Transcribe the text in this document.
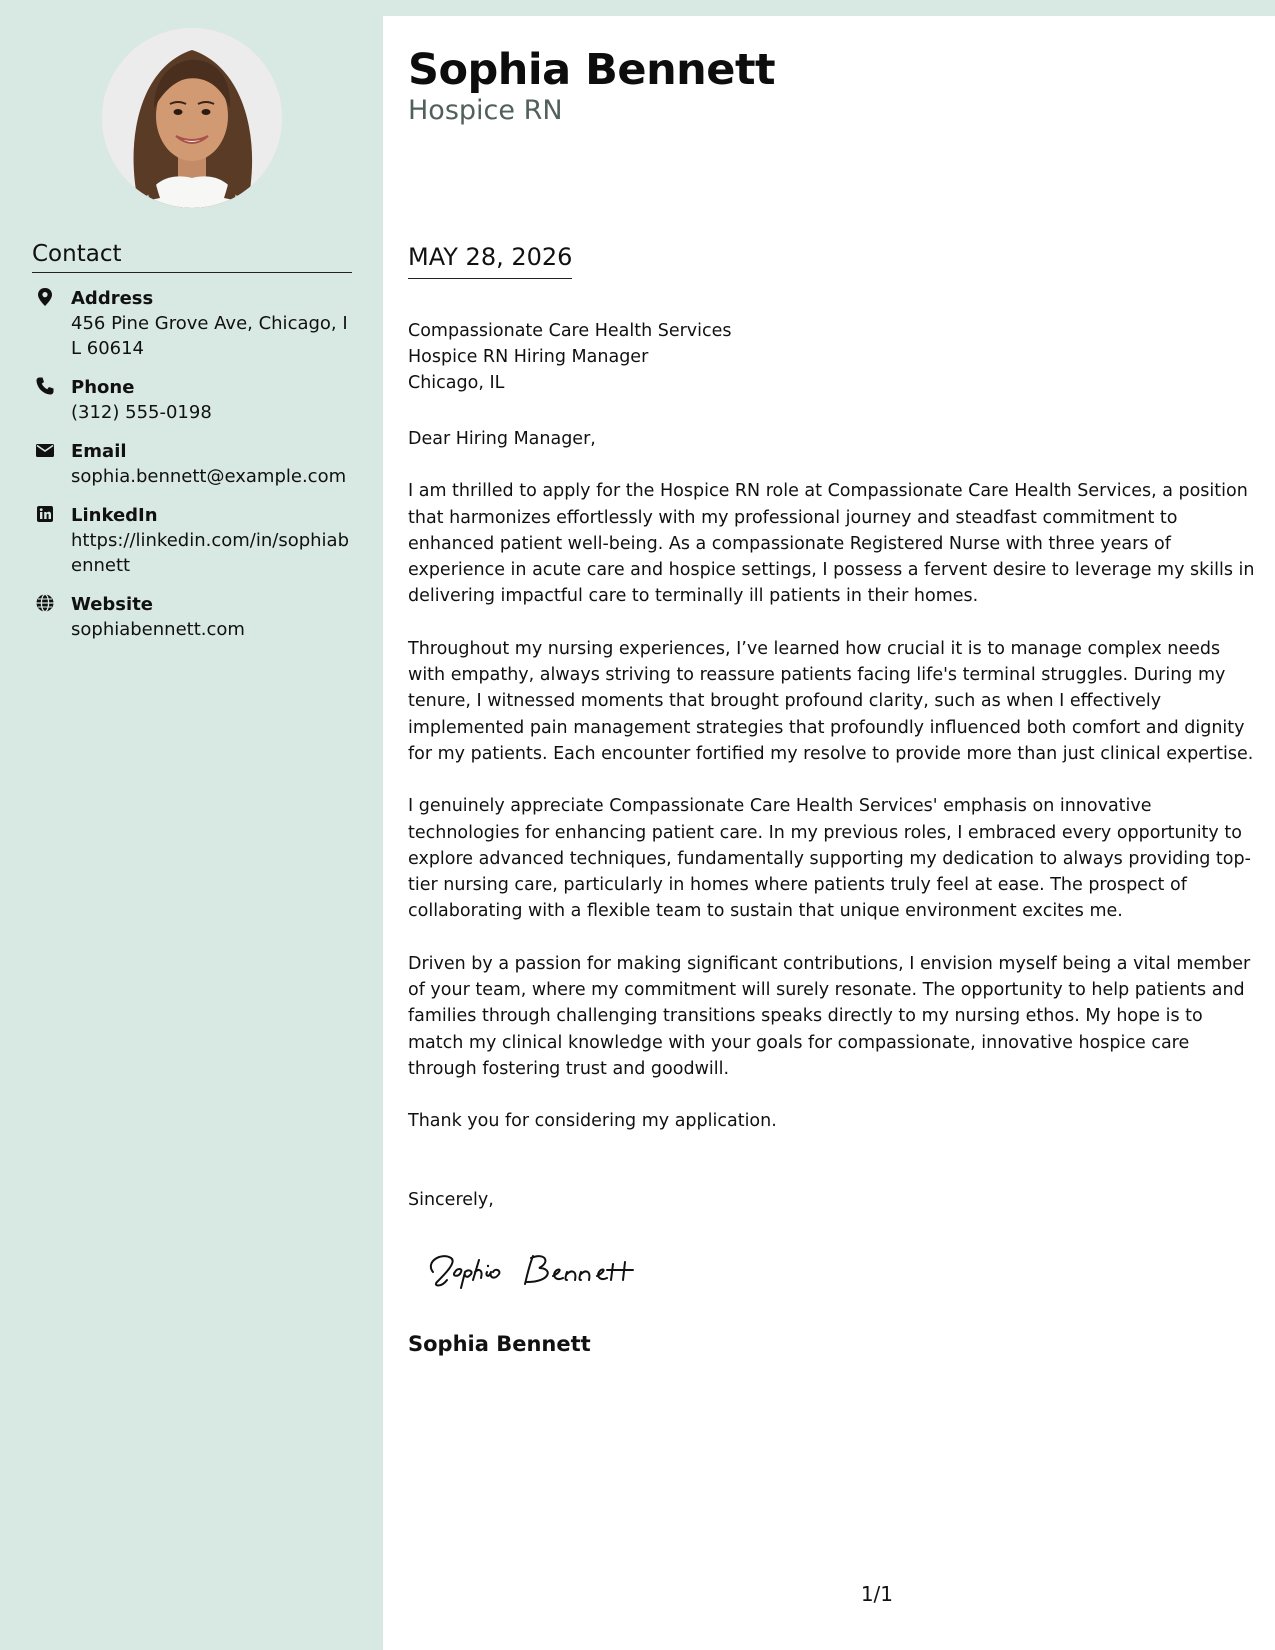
Contact
Address
456 Pine Grove Ave, Chicago, IL 60614
Phone
(312) 555-0198
Email
sophia.bennett@example.com
LinkedIn
https://linkedin.com/in/sophiabennett
Website
sophiabennett.com
Sophia Bennett
Hospice RN
MAY 28, 2026
Compassionate Care Health Services
Hospice RN Hiring Manager
Chicago, IL

Dear Hiring Manager,

I am thrilled to apply for the Hospice RN role at Compassionate Care Health Services, a position that harmonizes effortlessly with my professional journey and steadfast commitment to enhanced patient well-being. As a compassionate Registered Nurse with three years of experience in acute care and hospice settings, I possess a fervent desire to leverage my skills in delivering impactful care to terminally ill patients in their homes.

Throughout my nursing experiences, I’ve learned how crucial it is to manage complex needs with empathy, always striving to reassure patients facing life's terminal struggles. During my tenure, I witnessed moments that brought profound clarity, such as when I effectively implemented pain management strategies that profoundly influenced both comfort and dignity for my patients. Each encounter fortified my resolve to provide more than just clinical expertise.

I genuinely appreciate Compassionate Care Health Services' emphasis on innovative technologies for enhancing patient care. In my previous roles, I embraced every opportunity to explore advanced techniques, fundamentally supporting my dedication to always providing top-tier nursing care, particularly in homes where patients truly feel at ease. The prospect of collaborating with a flexible team to sustain that unique environment excites me.

Driven by a passion for making significant contributions, I envision myself being a vital member of your team, where my commitment will surely resonate. The opportunity to help patients and families through challenging transitions speaks directly to my nursing ethos. My hope is to match my clinical knowledge with your goals for compassionate, innovative hospice care through fostering trust and goodwill.

Thank you for considering my application.

Sincerely,

Sophia Bennett
1/1
